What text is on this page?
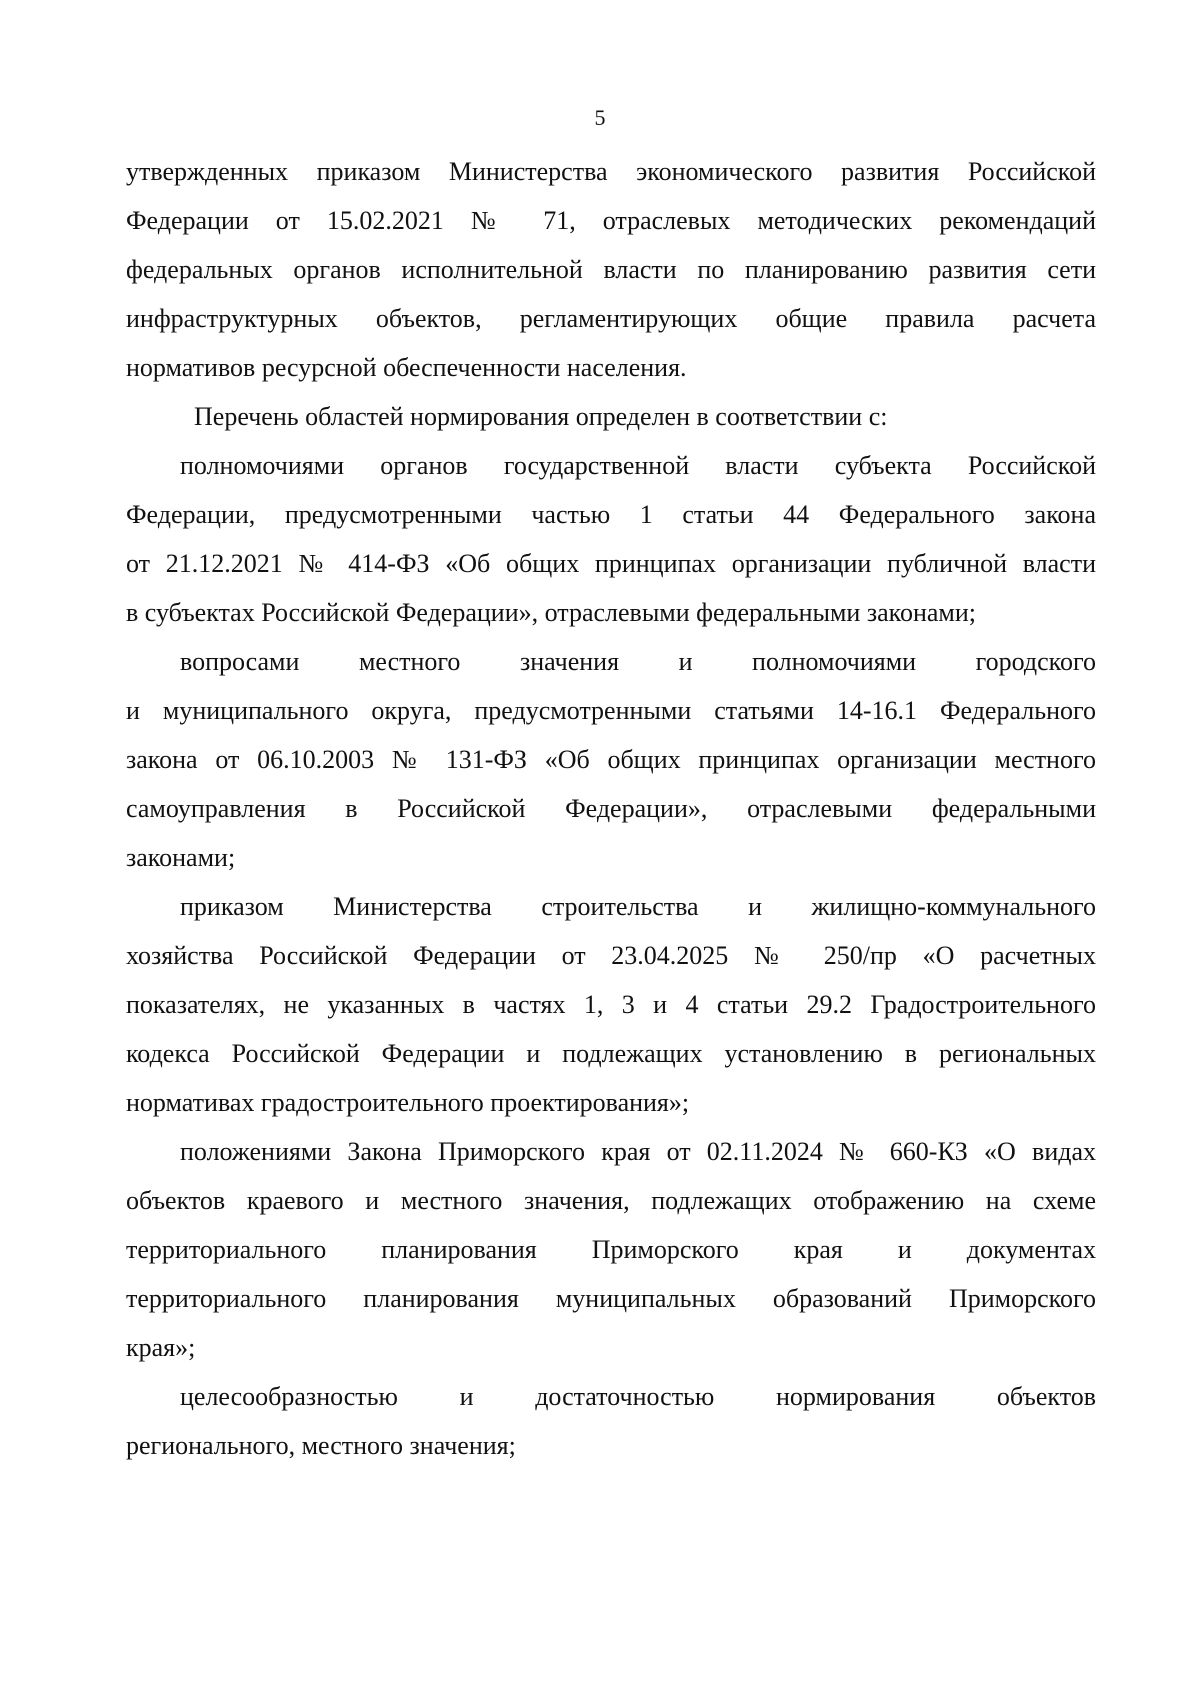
5
утвержденных приказом Министерства экономического развития Российской
Федерации от 15.02.2021 № 71, отраслевых методических рекомендаций
федеральных органов исполнительной власти по планированию развития сети
инфраструктурных объектов, регламентирующих общие правила расчета
нормативов ресурсной обеспеченности населения.
Перечень областей нормирования определен в соответствии с:
полномочиями органов государственной власти субъекта Российской
Федерации, предусмотренными частью 1 статьи 44 Федерального закона
от 21.12.2021 № 414-ФЗ «Об общих принципах организации публичной власти
в субъектах Российской Федерации», отраслевыми федеральными законами;
вопросами местного значения и полномочиями городского
и муниципального округа, предусмотренными статьями 14-16.1 Федерального
закона от 06.10.2003 № 131-ФЗ «Об общих принципах организации местного
самоуправления в Российской Федерации», отраслевыми федеральными
законами;
приказом Министерства строительства и жилищно-коммунального
хозяйства Российской Федерации от 23.04.2025 № 250/пр «О расчетных
показателях, не указанных в частях 1, 3 и 4 статьи 29.2 Градостроительного
кодекса Российской Федерации и подлежащих установлению в региональных
нормативах градостроительного проектирования»;
положениями Закона Приморского края от 02.11.2024 № 660-КЗ «О видах
объектов краевого и местного значения, подлежащих отображению на схеме
территориального планирования Приморского края и документах
территориального планирования муниципальных образований Приморского
края»;
целесообразностью и достаточностью нормирования объектов
регионального, местного значения;
